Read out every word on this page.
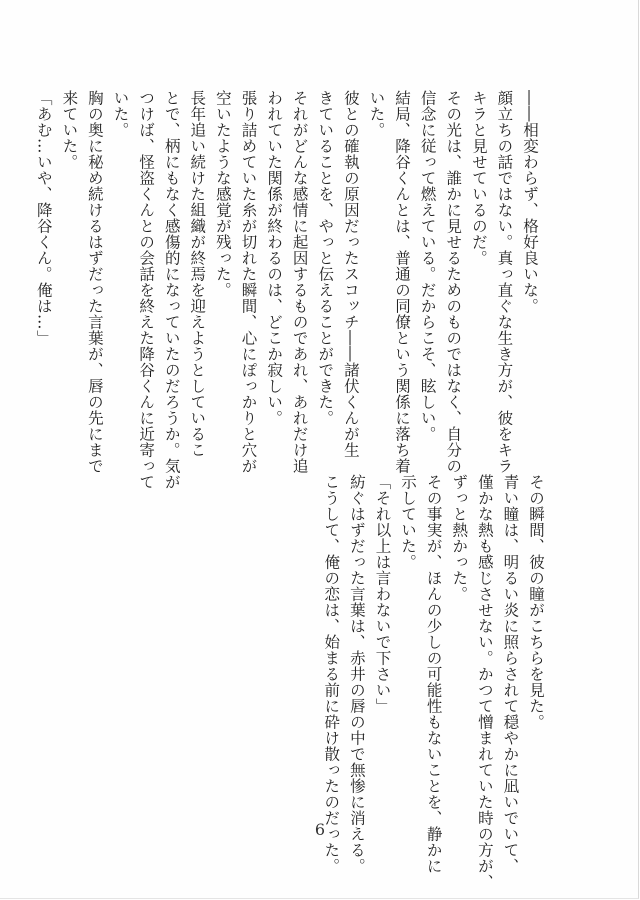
――相変わらず、格好良いな。
顔立ちの話ではない。真っ直ぐな生き方が、彼をキラ
キラと見せているのだ。
その光は、誰かに見せるためのものではなく、自分の
信念に従って燃えている。だからこそ、眩しい。
結局、降谷くんとは、普通の同僚という関係に落ち着
いた。
彼との確執の原因だったスコッチ――諸伏くんが生
きていることを、やっと伝えることができた。
それがどんな感情に起因するものであれ、あれだけ追
われていた関係が終わるのは、どこか寂しい。
張り詰めていた糸が切れた瞬間、心にぽっかりと穴が
空いたような感覚が残った。
長年追い続けた組織が終焉を迎えようとしているこ
とで、柄にもなく感傷的になっていたのだろうか。気が
つけば、怪盗くんとの会話を終えた降谷くんに近寄って
いた。
胸の奥に秘め続けるはずだった言葉が、唇の先にまで
来ていた。
「あむ…いや、降谷くん。俺は…」
その瞬間、彼の瞳がこちらを見た。
青い瞳は、明るい炎に照らされて穏やかに凪いでいて、
僅かな熱も感じさせない。かつて憎まれていた時の方が、
ずっと熱かった。
その事実が、ほんの少しの可能性もないことを、静かに
示していた。
「それ以上は言わないで下さい」
紡ぐはずだった言葉は、赤井の唇の中で無惨に消える。
こうして、俺の恋は、始まる前に砕け散ったのだった。
6
